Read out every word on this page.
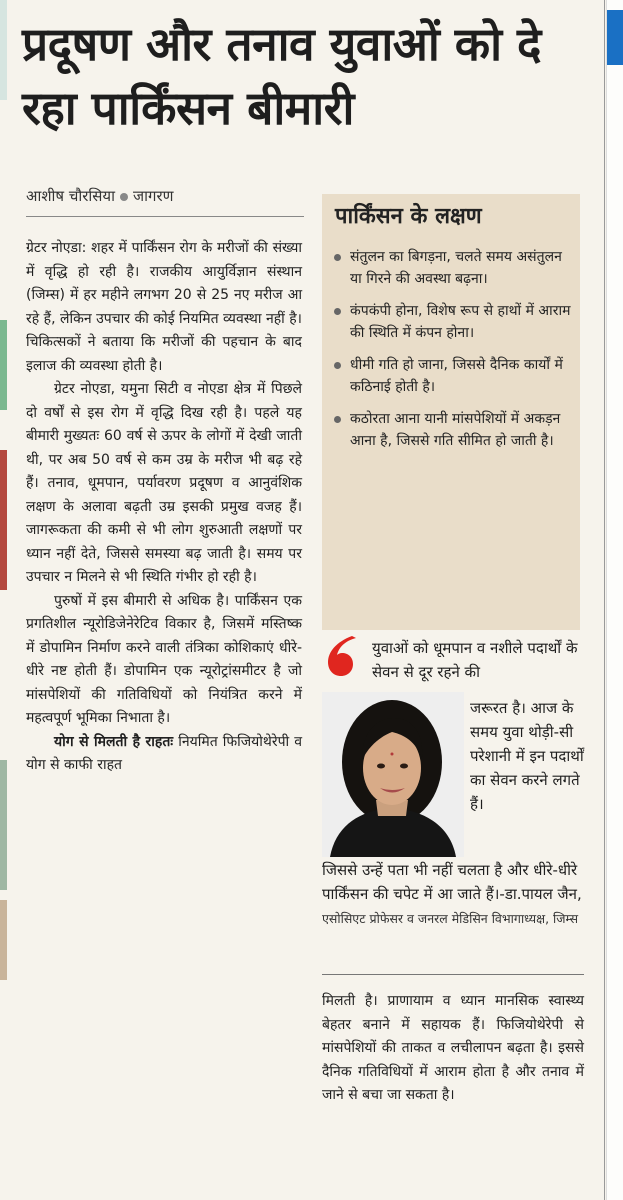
प्रदूषण और तनाव युवाओं को दे रहा पार्किंसन बीमारी
आशीष चौरसिया जागरण

ग्रेटर नोएडा: शहर में पार्किंसन रोग के मरीजों की संख्या में वृद्धि हो रही है। राजकीय आयुर्विज्ञान संस्थान (जिम्स) में हर महीने लगभग 20 से 25 नए मरीज आ रहे हैं, लेकिन उपचार की कोई नियमित व्यवस्था नहीं है। चिकित्सकों ने बताया कि मरीजों की पहचान के बाद इलाज की व्यवस्था होती है।

ग्रेटर नोएडा, यमुना सिटी व नोएडा क्षेत्र में पिछले दो वर्षों से इस रोग में वृद्धि दिख रही है। पहले यह बीमारी मुख्यतः 60 वर्ष से ऊपर के लोगों में देखी जाती थी, पर अब 50 वर्ष से कम उम्र के मरीज भी बढ़ रहे हैं। तनाव, धूमपान, पर्यावरण प्रदूषण व आनुवंशिक लक्षण के अलावा बढ़ती उम्र इसकी प्रमुख वजह हैं। जागरूकता की कमी से भी लोग शुरुआती लक्षणों पर ध्यान नहीं देते, जिससे समस्या बढ़ जाती है। समय पर उपचार न मिलने से भी स्थिति गंभीर हो रही है।

पुरुषों में इस बीमारी से अधिक है। पार्किंसन एक प्रगतिशील न्यूरोडिजेनेरेटिव विकार है, जिसमें मस्तिष्क में डोपामिन निर्माण करने वाली तंत्रिका कोशिकाएं धीरे-धीरे नष्ट होती हैं। डोपामिन एक न्यूरोट्रांसमीटर है जो मांसपेशियों की गतिविधियों को नियंत्रित करने में महत्वपूर्ण भूमिका निभाता है।

योग से मिलती है राहतः नियमित फिजियोथेरेपी व योग से काफी राहत

पार्किंसन के लक्षण
संतुलन का बिगड़ना, चलते समय असंतुलन या गिरने की अवस्था बढ़ना।
कंपकंपी होना, विशेष रूप से हाथों में आराम की स्थिति में कंपन होना।
धीमी गति हो जाना, जिससे दैनिक कार्यों में कठिनाई होती है।
कठोरता आना यानी मांसपेशियों में अकड़न आना है, जिससे गति सीमित हो जाती है।
युवाओं को धूमपान व नशीले पदार्थों के सेवन से दूर रहने की
जरूरत है। आज के समय युवा थोड़ी-सी परेशानी में इन पदार्थों का सेवन करने लगते हैं।
जिससे उन्हें पता भी नहीं चलता है और धीरे-धीरे पार्किंसन की चपेट में आ जाते हैं।-डा.पायल जैन, एसोसिएट प्रोफेसर व जनरल मेडिसिन विभागाध्यक्ष, जिम्स

मिलती है। प्राणायाम व ध्यान मानसिक स्वास्थ्य बेहतर बनाने में सहायक हैं। फिजियोथेरेपी से मांसपेशियों की ताकत व लचीलापन बढ़ता है। इससे दैनिक गतिविधियों में आराम होता है और तनाव में जाने से बचा जा सकता है।
